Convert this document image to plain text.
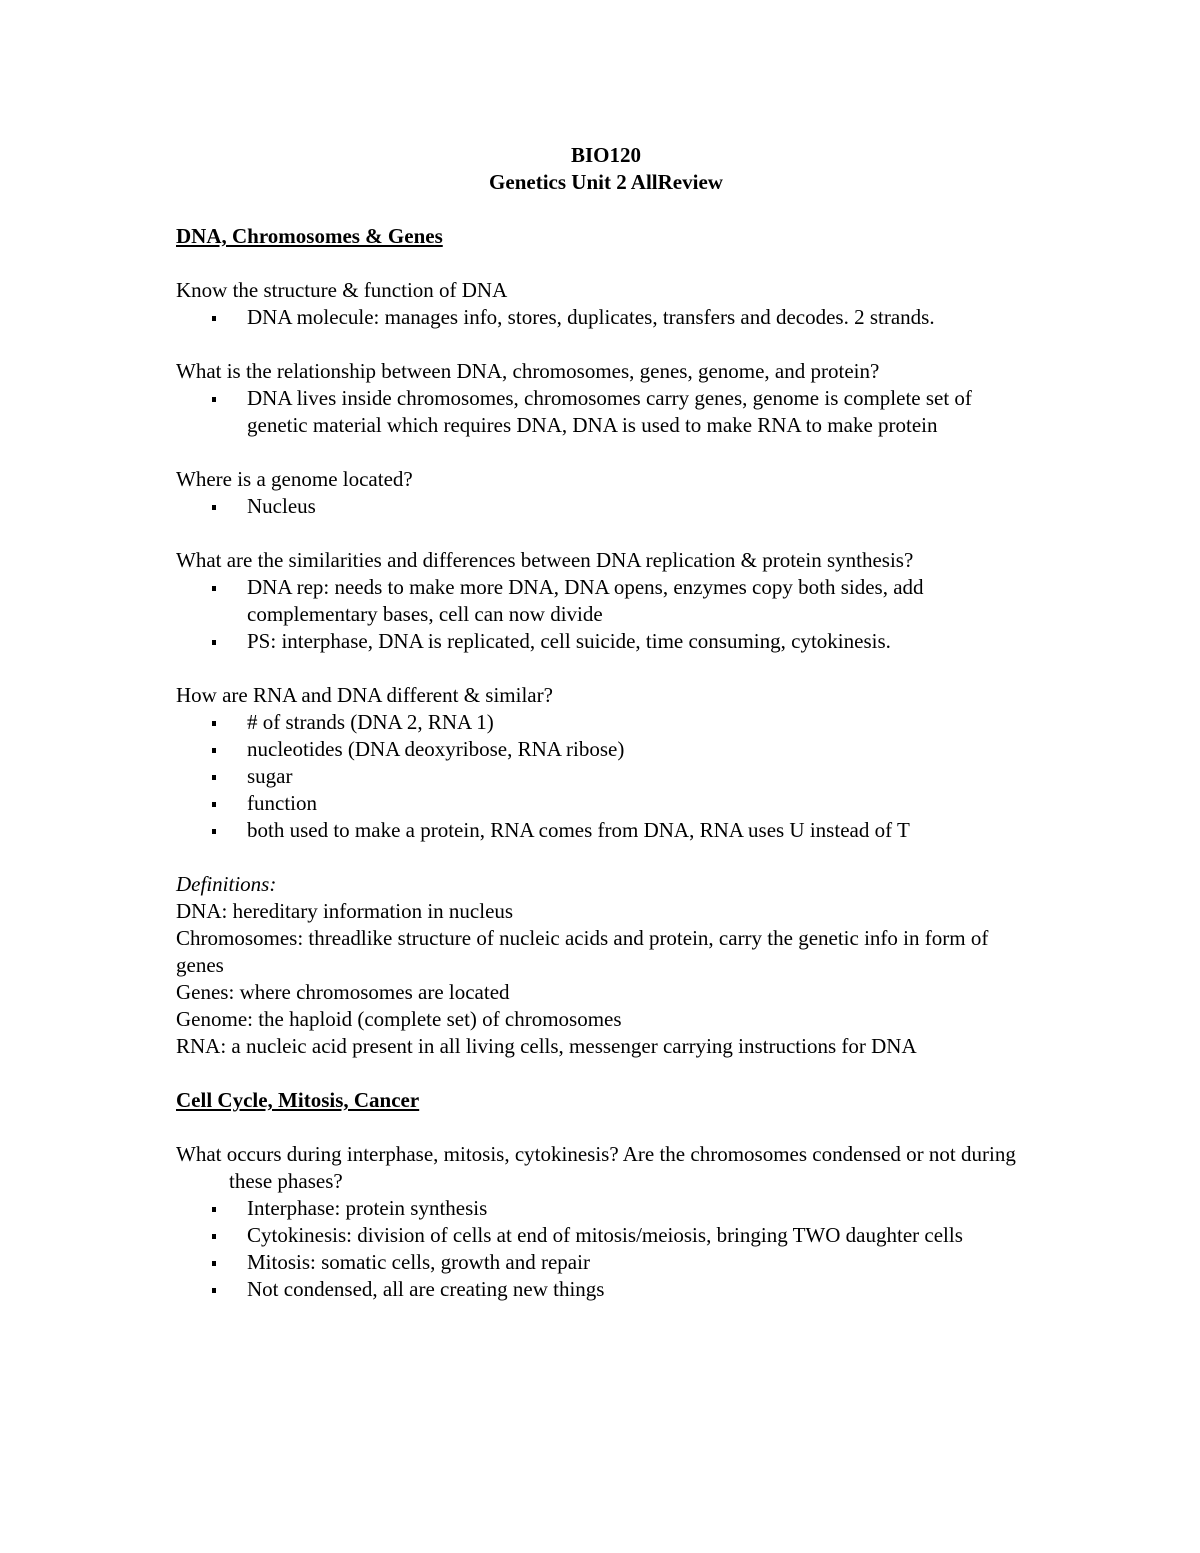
BIO120

Genetics Unit 2 AllReview

DNA, Chromosomes & Genes

Know the structure & function of DNA

DNA molecule: manages info, stores, duplicates, transfers and decodes. 2 strands.

What is the relationship between DNA, chromosomes, genes, genome, and protein?

DNA lives inside chromosomes, chromosomes carry genes, genome is complete set of genetic material which requires DNA, DNA is used to make RNA to make protein

Where is a genome located?

Nucleus

What are the similarities and differences between DNA replication & protein synthesis?

DNA rep: needs to make more DNA, DNA opens, enzymes copy both sides, add complementary bases, cell can now divide
PS: interphase, DNA is replicated, cell suicide, time consuming, cytokinesis.

How are RNA and DNA different & similar?

# of strands (DNA 2, RNA 1)
nucleotides (DNA deoxyribose, RNA ribose)
sugar
function
both used to make a protein, RNA comes from DNA, RNA uses U instead of T

Definitions:

DNA: hereditary information in nucleus

Chromosomes: threadlike structure of nucleic acids and protein, carry the genetic info in form of genes

Genes: where chromosomes are located

Genome: the haploid (complete set) of chromosomes

RNA: a nucleic acid present in all living cells, messenger carrying instructions for DNA

Cell Cycle, Mitosis, Cancer

What occurs during interphase, mitosis, cytokinesis? Are the chromosomes condensed or not during these phases?

Interphase: protein synthesis
Cytokinesis: division of cells at end of mitosis/meiosis, bringing TWO daughter cells
Mitosis: somatic cells, growth and repair
Not condensed, all are creating new things
